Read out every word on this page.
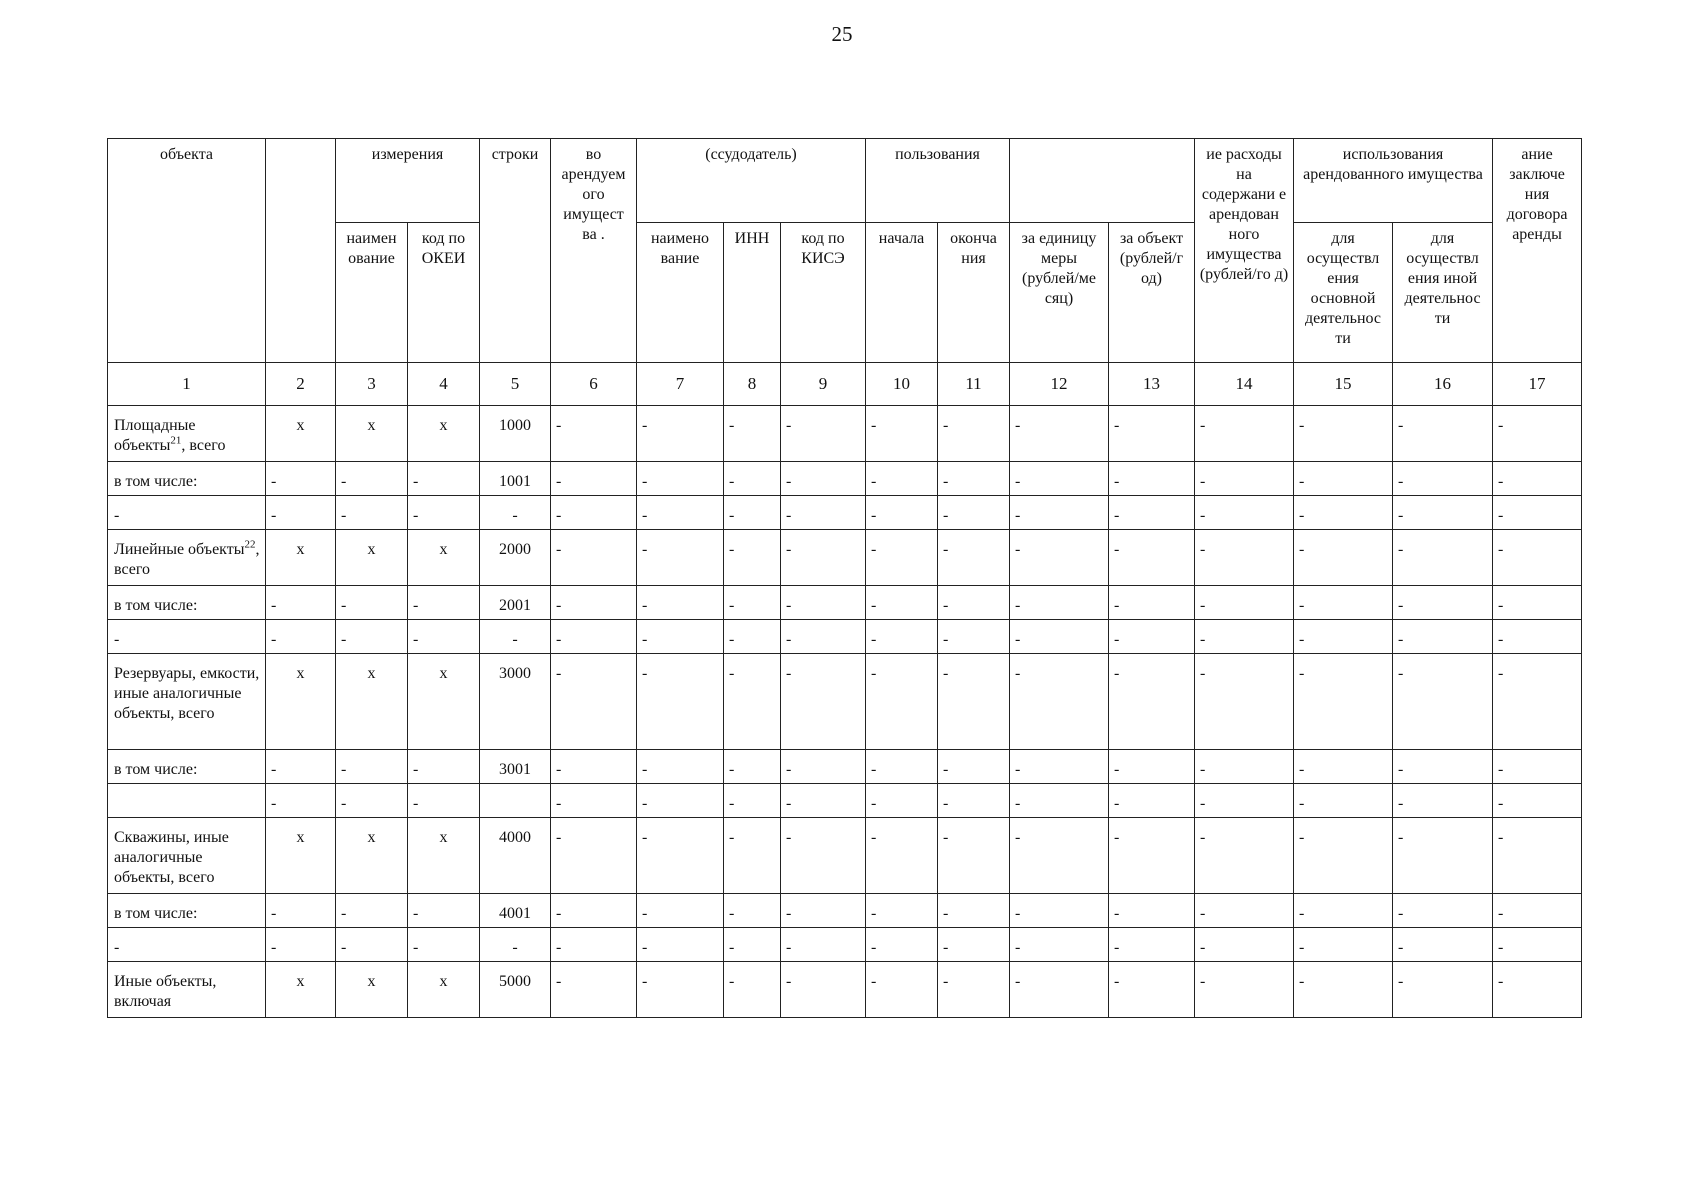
25
объекта		измерения		строки	во арендуем ого имущест ва .	(ссудодатель)			пользования				ие расходы на содержани е арендован ного имущества (рублей/го д)	использования арендованного имущества		ание заключе ния договора аренды
		наимен ование	код по ОКЕИ			наимено вание	ИНН	код по КИСЭ	начала	оконча ния	за единицу меры (рублей/ме сяц)	за объект (рублей/г од)		для осуществл ения основной деятельнос ти	для осуществл ения иной деятельнос ти	
1	2	3	4	5	6	7	8	9	10	11	12	13	14	15	16	17
Площадные объекты$^{21}$, всего	x	x	x	1000	-	-	-	-	-	-	-	-	-	-	-	-
в том числе:	-	-	-	1001	-	-	-	-	-	-	-	-	-	-	-	-
-	-	-	-	-	-	-	-	-	-	-	-	-	-	-	-	-
Линейные объекты$^{22}$, всего	x	x	x	2000	-	-	-	-	-	-	-	-	-	-	-	-
в том числе:	-	-	-	2001	-	-	-	-	-	-	-	-	-	-	-	-
-	-	-	-	-	-	-	-	-	-	-	-	-	-	-	-	-
Резервуары, емкости, иные аналогичные объекты, всего	x	x	x	3000	-	-	-	-	-	-	-	-	-	-	-	-
в том числе:	-	-	-	3001	-	-	-	-	-	-	-	-	-	-	-	-
	-	-	-		-	-	-	-	-	-	-	-	-	-	-	-
Скважины, иные аналогичные объекты, всего	x	x	x	4000	-	-	-	-	-	-	-	-	-	-	-	-
в том числе:	-	-	-	4001	-	-	-	-	-	-	-	-	-	-	-	-
-	-	-	-	-	-	-	-	-	-	-	-	-	-	-	-	-
Иные объекты, включая	x	x	x	5000	-	-	-	-	-	-	-	-	-	-	-	-
